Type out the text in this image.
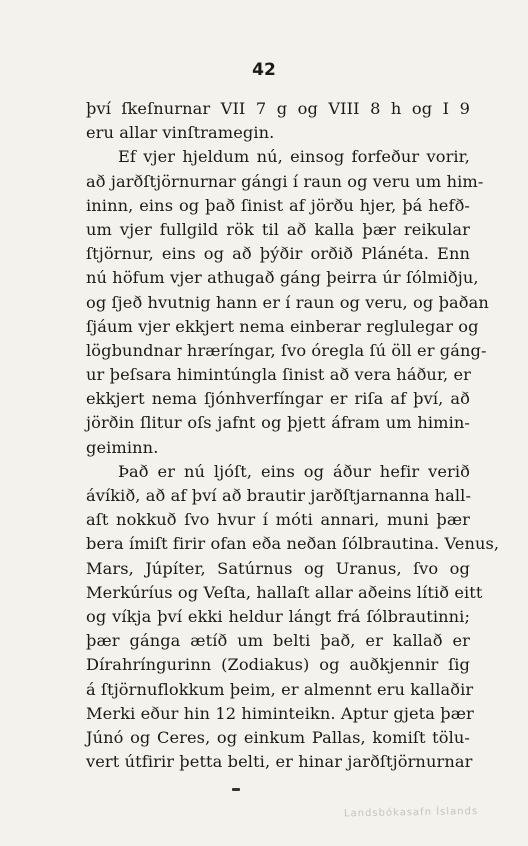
42
því ſkeſnurnar VII 7 g og VIII 8 h og I 9
eru allar vinſtramegin.
Ef vjer hjeldum nú, einsog forfeður vorir,
að jarðſtjörnurnar gángi í raun og veru um him-
ininn, eins og það ſinist af jörðu hjer, þá hefð-
um vjer fullgild rök til að kalla þær reikular
ſtjörnur, eins og að þýðir orðið Plánéta. Enn
nú höfum vjer athugað gáng þeirra úr ſólmiðju,
og ſjeð hvutnig hann er í raun og veru, og þaðan
ſjáum vjer ekkjert nema einberar reglulegar og
lögbundnar hræríngar, ſvo óregla ſú öll er gáng-
ur þeſsara himintúngla ſinist að vera háður, er
ekkjert nema ſjónhverfíngar er riſa af því, að
jörðin ſlitur oſs jafnt og þjett áfram um himin-
geiminn.
Það er nú ljóſt, eins og áður hefir verið
ávíkið, að af því að brautir jarðſtjarnanna hall-
aſt nokkuð ſvo hvur í móti annari, muni þær
bera ímiſt firir ofan eða neðan ſólbrautina. Venus,
Mars, Júpíter, Satúrnus og Uranus, ſvo og
Merkúríus og Veſta, hallaſt allar aðeins lítið eitt
og víkja því ekki heldur lángt frá ſólbrautinni;
þær gánga ætíð um belti það, er kallað er
Dírahríngurinn (Zodiakus) og auðkjennir ſig
á ſtjörnuflokkum þeim, er almennt eru kallaðir
Merki eður hin 12 himinteikn. Aptur gjeta þær
Júnó og Ceres, og einkum Pallas, komiſt tölu-
vert útfirir þetta belti, er hinar jarðſtjörnurnar
Landsbókasafn Íslands
